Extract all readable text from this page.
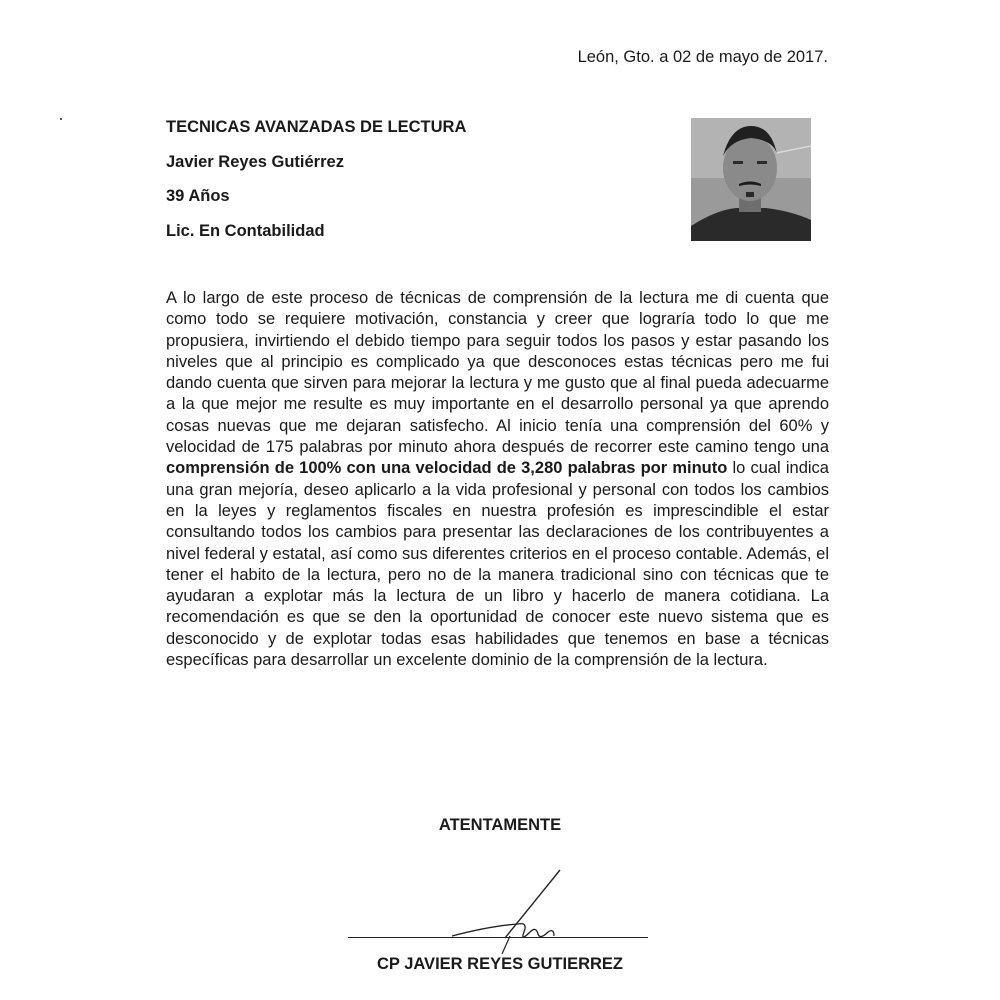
León, Gto. a 02 de mayo de 2017.
TECNICAS AVANZADAS DE LECTURA
Javier Reyes Gutiérrez
39 Años
Lic. En Contabilidad
A lo largo de este proceso de técnicas de comprensión de la lectura me di cuenta que como todo se requiere motivación, constancia y creer que lograría todo lo que me propusiera, invirtiendo el debido tiempo para seguir todos los pasos y estar pasando los niveles que al principio es complicado ya que desconoces estas técnicas pero me fui dando cuenta que sirven para mejorar la lectura y me gusto que al final pueda adecuarme a la que mejor me resulte es muy importante en el desarrollo personal ya que aprendo cosas nuevas que me dejaran satisfecho. Al inicio tenía una comprensión del 60% y velocidad de 175 palabras por minuto ahora después de recorrer este camino tengo una comprensión de 100% con una velocidad de 3,280 palabras por minuto lo cual indica una gran mejoría, deseo aplicarlo a la vida profesional y personal con todos los cambios en la leyes y reglamentos fiscales en nuestra profesión es imprescindible el estar consultando todos los cambios para presentar las declaraciones de los contribuyentes a nivel federal y estatal, así como sus diferentes criterios en el proceso contable. Además, el tener el habito de la lectura, pero no de la manera tradicional sino con técnicas que te ayudaran a explotar más la lectura de un libro y hacerlo de manera cotidiana. La recomendación es que se den la oportunidad de conocer este nuevo sistema que es desconocido y de explotar todas esas habilidades que tenemos en base a técnicas específicas para desarrollar un excelente dominio de la comprensión de la lectura.
ATENTAMENTE
CP JAVIER REYES GUTIERREZ
